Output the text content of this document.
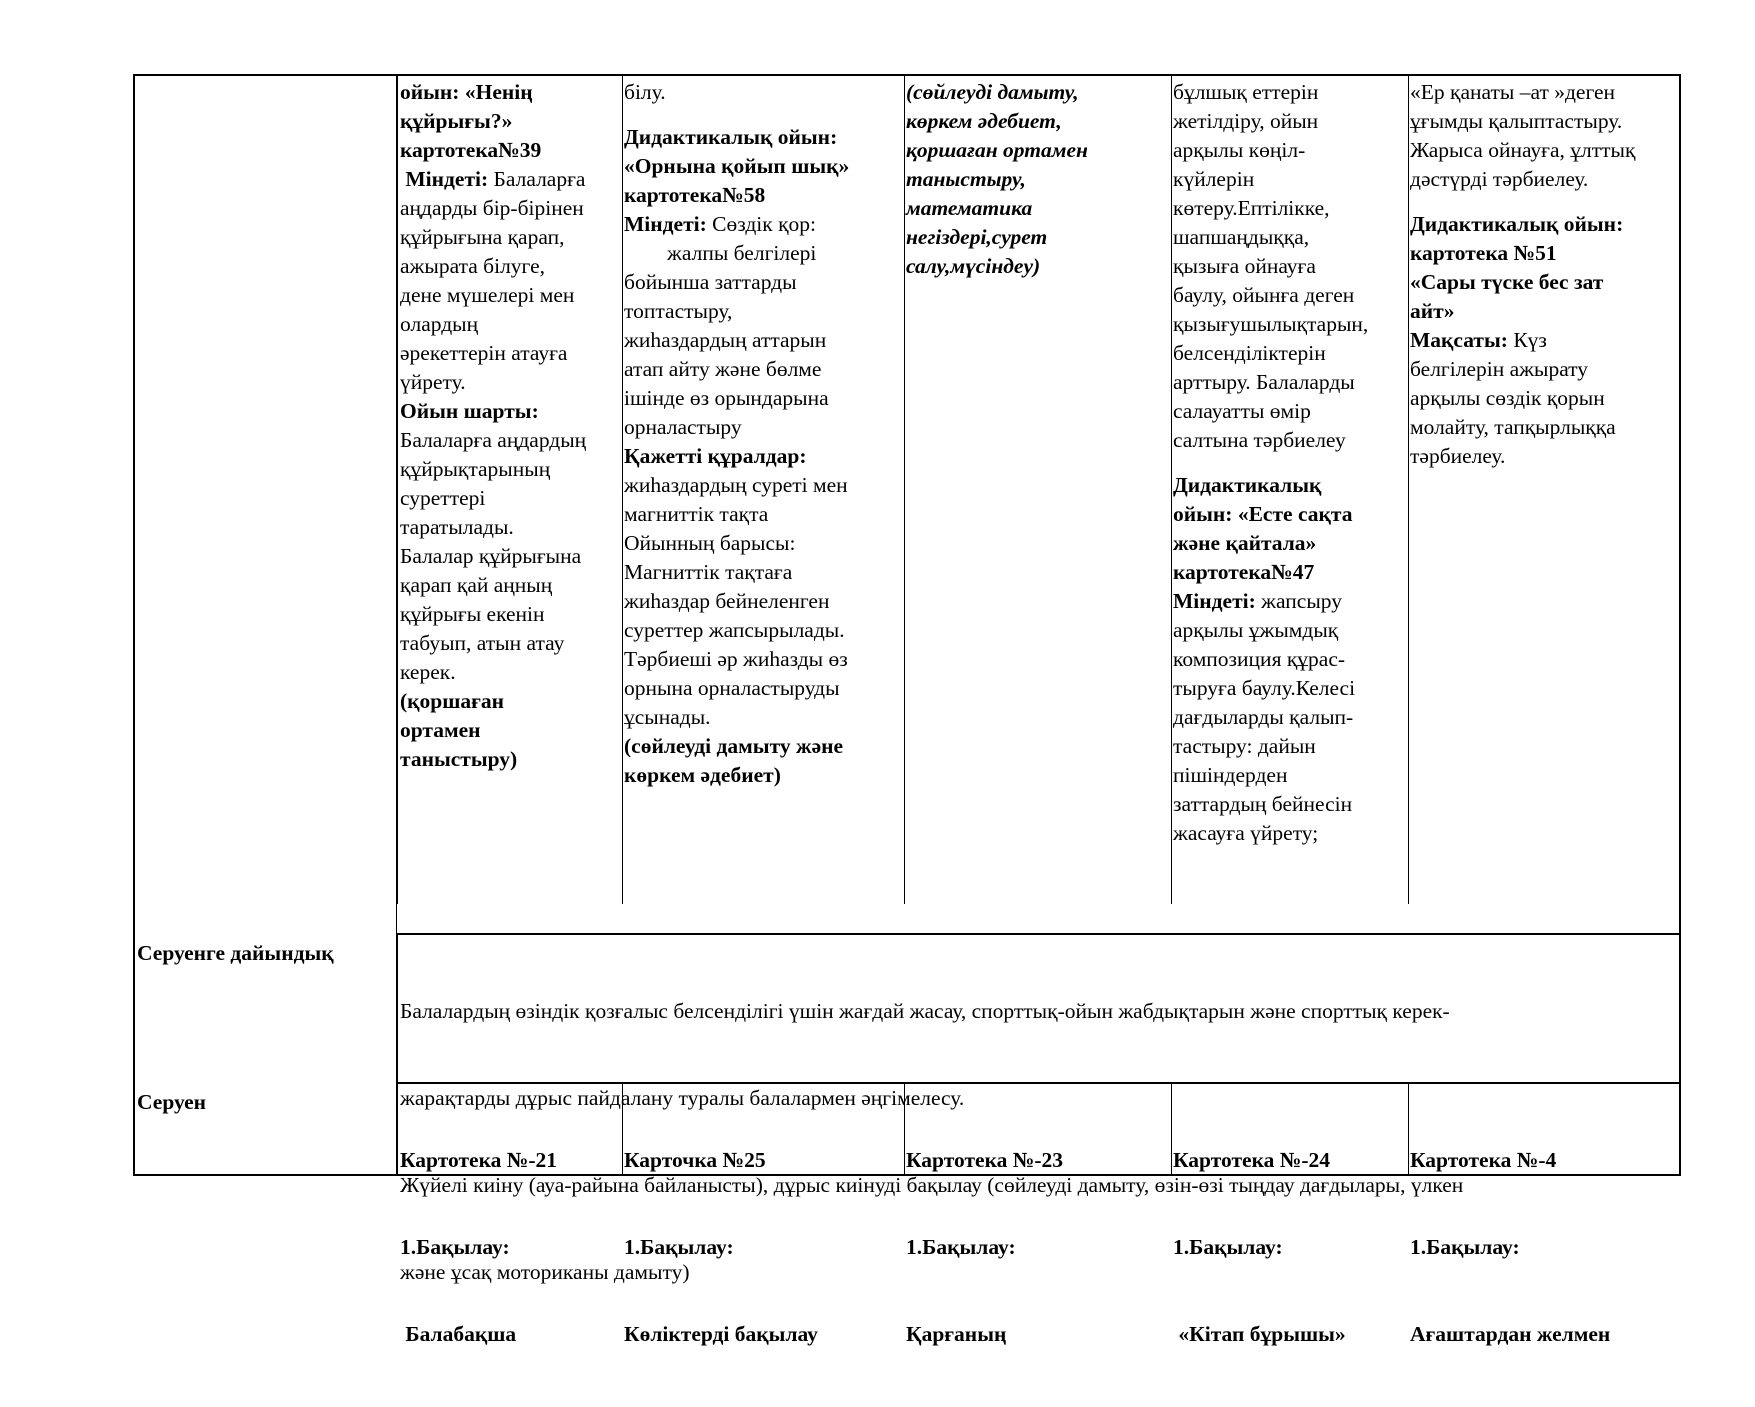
ойын: «Ненің

құйрығы?»

картотека№39

Міндеті: Балаларға

аңдарды бір-бірінен

құйрығына қарап,

ажырата білуге,

дене мүшелері мен

олардың

әрекеттерін атауға

үйрету.

Ойын шарты:

Балаларға аңдардың

құйрықтарының

суреттері

таратылады.

Балалар құйрығына

қарап қай аңның

құйрығы екенін

табуып, атын атау

керек.

(қоршаған

ортамен

таныстыру)

білу.

Дидактикалық ойын:

«Орнына қойып шық»

картотека№58

Міндеті: Сөздік қор:

жалпы белгілері

бойынша заттарды

топтастыру,

жиһаздардың аттарын

атап айту және бөлме

ішінде өз орындарына

орналастыру

Қажетті құралдар:

жиһаздардың суреті мен

магниттік тақта

Ойынның барысы:

Магниттік тақтаға

жиһаздар бейнеленген

суреттер жапсырылады.

Тәрбиеші әр жиһазды өз

орнына орналастыруды

ұсынады.

(сөйлеуді дамыту және

көркем әдебиет)

(сөйлеуді дамыту,

көркем әдебиет,

қоршаған ортамен

таныстыру,

математика

негіздері,сурет

салу,мүсіндеу)

бұлшық еттерін

жетілдіру, ойын

арқылы көңіл-

күйлерін

көтеру.Ептілікке,

шапшаңдыққа,

қызыға ойнауға

баулу, ойынға деген

қызығушылықтарын,

белсенділіктерін

арттыру. Балаларды

салауатты өмір

салтына тәрбиелеу

Дидактикалық

ойын: «Есте сақта

және қайтала»

картотека№47

Міндеті: жапсыру

арқылы ұжымдық

композиция құрас-

тыруға баулу.Келесі

дағдыларды қалып-

тастыру: дайын

пішіндерден

заттардың бейнесін

жасауға үйрету;

«Ер қанаты –ат »деген

ұғымды қалыптастыру.

Жарыса ойнауға, ұлттық

дәстүрді тәрбиелеу.

Дидактикалық ойын:

картотека №51

«Сары түске бес зат

айт»

Мақсаты: Күз

белгілерін ажырату

арқылы сөздік қорын

молайту, тапқырлыққа

тәрбиелеу.

Серуенге дайындық

Балалардың өзіндік қозғалыс белсенділігі үшін жағдай жасау, спорттық-ойын жабдықтарын және спорттық керек-

жарақтарды дұрыс пайдалану туралы балалармен әңгімелесу.

Жүйелі киіну (ауа-райына байланысты), дұрыс киінуді бақылау (сөйлеуді дамыту, өзін-өзі тыңдау дағдылары, үлкен

және ұсақ моториканы дамыту)

Серуен

Картотека №-21

1.Бақылау:

Балабақша

Карточка №25

1.Бақылау:

Көліктерді бақылау

Картотека №-23

1.Бақылау:

Қарғаның

Картотека №-24

1.Бақылау:

«Кітап бұрышы»

Картотека №-4

1.Бақылау:

Ағаштардан желмен
